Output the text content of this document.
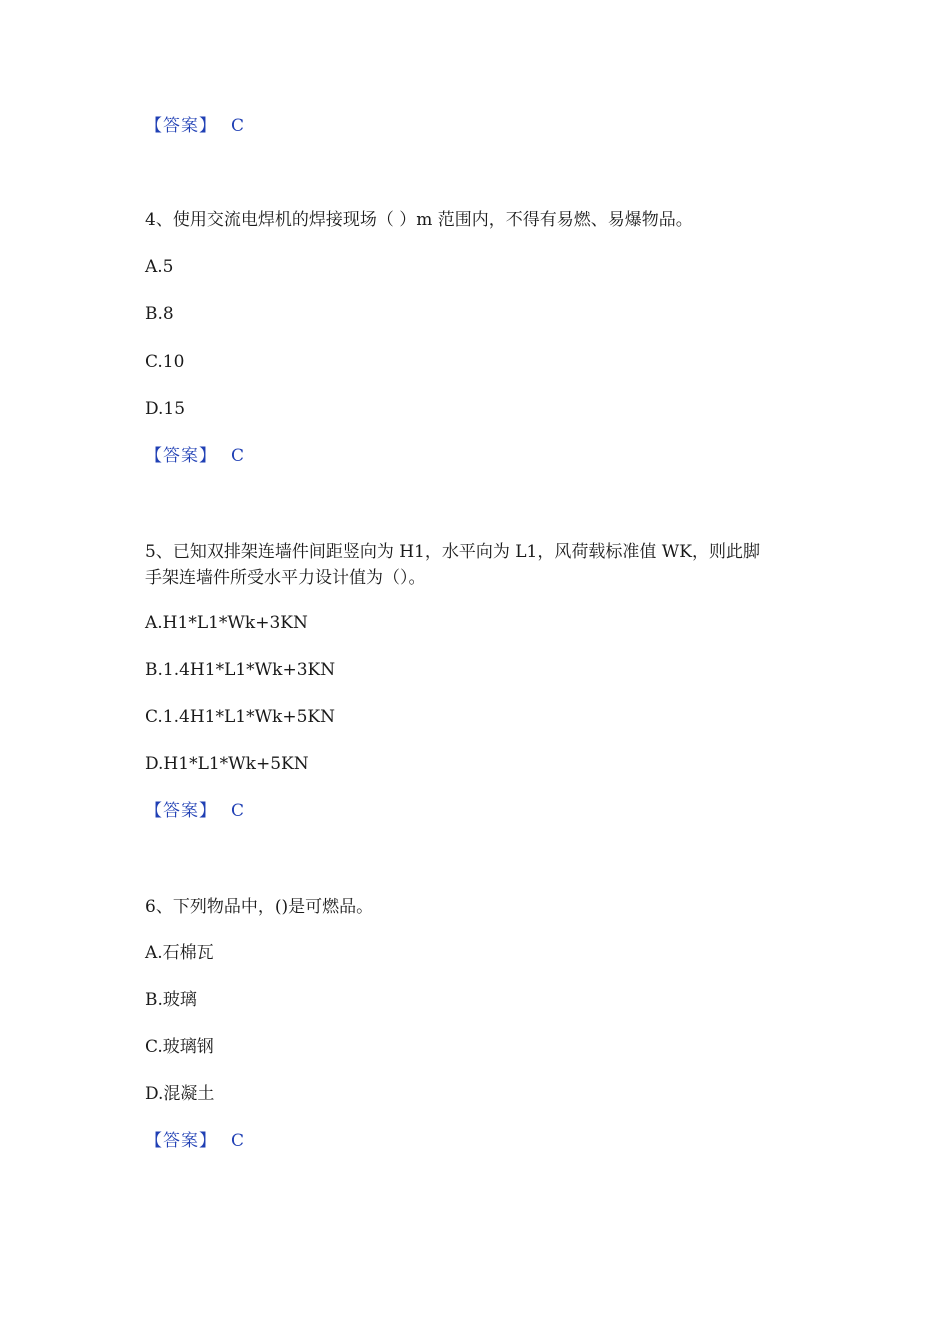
【答案】 C
4、使用交流电焊机的焊接现场（ ）m 范围内，不得有易燃、易爆物品。
A.5
B.8
C.10
D.15
【答案】 C
5、已知双排架连墙件间距竖向为 H1，水平向为 L1，风荷载标准值 WK，则此脚
手架连墙件所受水平力设计值为（）。
A.H1*L1*Wk+3KN
B.1.4H1*L1*Wk+3KN
C.1.4H1*L1*Wk+5KN
D.H1*L1*Wk+5KN
【答案】 C
6、下列物品中，()是可燃品。
A.石棉瓦
B.玻璃
C.玻璃钢
D.混凝土
【答案】 C
